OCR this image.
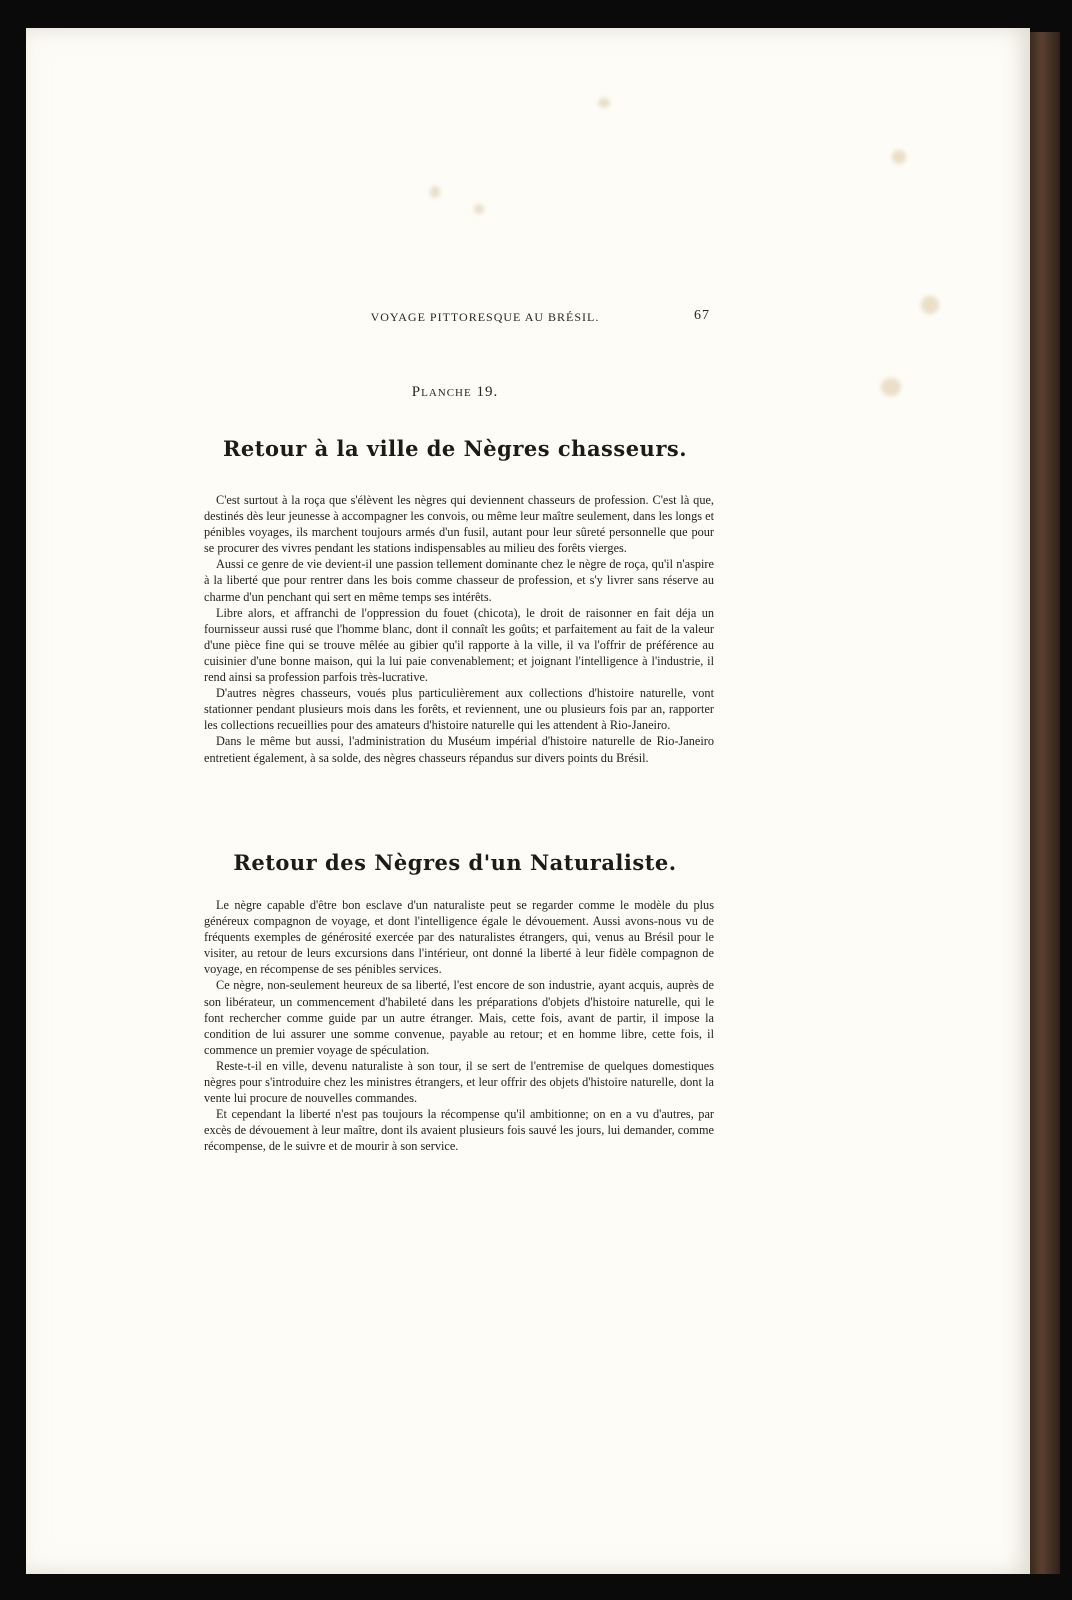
VOYAGE PITTORESQUE AU BRÉSIL.	67
Planche 19.
Retour à la ville de Nègres chasseurs.

C'est surtout à la roça que s'élèvent les nègres qui deviennent chasseurs de profession. C'est là que, destinés dès leur jeunesse à accompagner les convois, ou même leur maître seulement, dans les longs et pénibles voyages, ils marchent toujours armés d'un fusil, autant pour leur sûreté personnelle que pour se procurer des vivres pendant les stations indispensables au milieu des forêts vierges.

Aussi ce genre de vie devient-il une passion tellement dominante chez le nègre de roça, qu'il n'aspire à la liberté que pour rentrer dans les bois comme chasseur de profession, et s'y livrer sans réserve au charme d'un penchant qui sert en même temps ses intérêts.

Libre alors, et affranchi de l'oppression du fouet (chicota), le droit de raisonner en fait déja un fournisseur aussi rusé que l'homme blanc, dont il connaît les goûts; et parfaitement au fait de la valeur d'une pièce fine qui se trouve mêlée au gibier qu'il rapporte à la ville, il va l'offrir de préférence au cuisinier d'une bonne maison, qui la lui paie convenablement; et joignant l'intelligence à l'industrie, il rend ainsi sa profession parfois très-lucrative.

D'autres nègres chasseurs, voués plus particulièrement aux collections d'histoire naturelle, vont stationner pendant plusieurs mois dans les forêts, et reviennent, une ou plusieurs fois par an, rapporter les collections recueillies pour des amateurs d'histoire naturelle qui les attendent à Rio-Janeiro.

Dans le même but aussi, l'administration du Muséum impérial d'histoire naturelle de Rio-Janeiro entretient également, à sa solde, des nègres chasseurs répandus sur divers points du Brésil.

Retour des Nègres d'un Naturaliste.

Le nègre capable d'être bon esclave d'un naturaliste peut se regarder comme le modèle du plus généreux compagnon de voyage, et dont l'intelligence égale le dévouement. Aussi avons-nous vu de fréquents exemples de générosité exercée par des naturalistes étrangers, qui, venus au Brésil pour le visiter, au retour de leurs excursions dans l'intérieur, ont donné la liberté à leur fidèle compagnon de voyage, en récompense de ses pénibles services.

Ce nègre, non-seulement heureux de sa liberté, l'est encore de son industrie, ayant acquis, auprès de son libérateur, un commencement d'habileté dans les préparations d'objets d'histoire naturelle, qui le font rechercher comme guide par un autre étranger. Mais, cette fois, avant de partir, il impose la condition de lui assurer une somme convenue, payable au retour; et en homme libre, cette fois, il commence un premier voyage de spéculation.

Reste-t-il en ville, devenu naturaliste à son tour, il se sert de l'entremise de quelques domestiques nègres pour s'introduire chez les ministres étrangers, et leur offrir des objets d'histoire naturelle, dont la vente lui procure de nouvelles commandes.

Et cependant la liberté n'est pas toujours la récompense qu'il ambitionne; on en a vu d'autres, par excès de dévouement à leur maître, dont ils avaient plusieurs fois sauvé les jours, lui demander, comme récompense, de le suivre et de mourir à son service.
